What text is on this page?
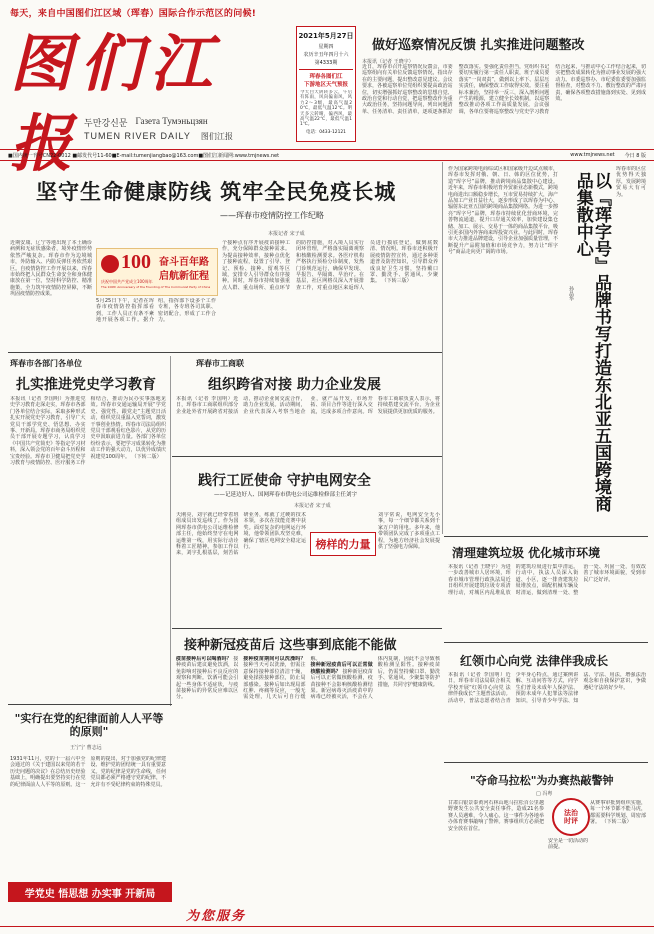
每天，来自中国图们江区域（珲春）国际合作示范区的问候!
图们江报 두만강신문 Газета Тумэньцзян
TUMEN RIVER DAILY 图们江报
2021年5月27日
星期四
农历辛丑年四月十六
第4333期
珲春各图们江
下游地区天气预报
今天白天阴转多云，午后有阵雨，风向偏南风，风力2～3级，最高气温20℃，最低气温12℃。明天多云转晴，偏西风，最高气温22℃，最低气温11℃。
电话：0433-12121
做好巡察情况反馈 扎实推进问题整改
本报讯（记者 王晓宇）
近日，珲春市召开巡察情况反馈会，市委巡察组向有关单位反馈巡察情况，指出存在的主要问题，提出整改意见建议。会议要求，各被巡察单位党组织要提高政治站位，切实增强抓好巡察整改的思想自觉、政治自觉和行动自觉，把巡察整改作为重大政治任务，坚持问题导向，列出问题清单、任务清单、责任清单，逐项逐条抓好整改落实。要强化责任担当，党组织书记要切实履行第一责任人职责，班子成员要落实“一岗双责”，做到以上率下、层层压实责任，确保整改工作取得实效。要注重标本兼治，坚持举一反三，深入剖析问题产生的根源，建立健全长效机制，以巡察整改推动各项工作高质量发展。会议强调，各单位要将巡察整改与党史学习教育结合起来，与推动中心工作结合起来，切实把整改成果转化为推动事业发展的强大动力。市委巡察办、市纪委监委要加强监督检查，对整改不力、敷衍整改的严肃问责，确保各项整改措施落到实处、见到成效。
■国内统一刊号CN22-0012 ■邮发代号11-60■E-mail:tumenjiangbao@163.com■图们江新闻网:www.tmjnews.net	www.tmjnews.net 今日 8 版
坚守生命健康防线 筑牢全民免疫长城
——珲春市疫情防控工作纪略
本报记者 宋子成
100 奋斗百年路
启航新征程
庆祝中国共产党成立100周年
The 100th Anniversary of the Founding of The Communist Party of China
近期安康、辽宁等地出现了本土确诊病例和无症状感染者，境外疫情形势依然严峻复杂。珲春市作为边境城市，外防输入、内防反弹任务依然艰巨。自疫情防控工作开展以来，珲春市始终把人民群众生命安全和身体健康放在第一位，坚持科学防控、精准施策，全力筑牢疫情防控屏障，不断巩固疫情防控成果。
5月25日下午，记者在珲春市疫情防控指挥部看到，工作人员正有条不紊地开展各项工作。据介绍，指挥部下设多个工作专班，各专班各司其职、密切配合，形成了工作合力。
个接种点有序开展疫苗接种工作，充分保障群众接种需求。为提高接种效率，接种点优化了接种流程，设置了引导、登记、预检、接种、留观等区域，安排专人引导群众有序接种。同时，珲春市持续加强重点人群、重点场所、重点环节的防控措施，对入境人员实行闭环管理，严格落实隔离观察和核酸检测要求。各医疗机构严格执行预检分诊制度，发热门诊规范运行，确保早发现、早报告、早隔离、早治疗。在基层，社区网格员深入开展排查工作，对重点地区来返珲人员进行摸底登记，做到底数清、情况明。珲春市还积极开展疫情防控宣传，通过多种渠道普及防控知识，引导群众养成良好卫生习惯，坚持戴口罩、勤洗手、常通风、少聚集。 （下转三版）
作为国家跨境电商综试区和国家级开边试点城市，珲春市发挥对俄、朝、日、韩的区位优势，打造“珲字号”品牌，推动跨境商品集散中心建设。近年来，珲春市积极培育外贸新业态新模式，跨境电商进出口额稳步增长，互市贸易持续扩大，海产品加工产业日益壮大，逐步形成了以珲春为中心、辐射东北亚五国的跨境商品集散网络。为进一步擦亮“珲字号”品牌，珲春市持续优化营商环境，完善物流通道，提升口岸通关效率，加快建设集仓储、加工、展示、交易于一体的商品集散平台，吸引更多国内外客商来珲投资兴业。与此同时，珲春市大力推进品牌建设，引导企业加强质量管理，不断提升产品附加值和市场竞争力，努力让“珲字号”商品走向更广阔的市场。	以『珲字号』品牌书写打造东北亚五国跨境商品集散中心
孙晶华
珲春市的区位优势得天独厚，发展跨境贸易大有可为。
珲春市各部门各单位
扎实推进党史学习教育
本报讯（记者 李国明）为推进党史学习教育走深走实，珲春市各部门各单位结合实际，采取多种形式扎实开展党史学习教育，引导广大党员干部学党史、悟思想、办实事、开新局。珲春市商务局组织党员干部开展专题学习，认真学习《中国共产党简史》等指定学习材料，深入领会党的百年奋斗历程和宝贵经验。珲春市卫健局把党史学习教育与疫情防控、医疗服务工作相结合，推动为民办实事落地见效。珲春市交通运输局开展“学党史、强党性、跟党走”主题党日活动，组织党员重温入党誓词，激发干事创业热情。珲春市司法局组织党员干部观看红色影片，从党的历史中汲取前进力量。各部门各单位纷纷表示，要把学习成果转化为推动工作的强大动力，以优异成绩庆祝建党100周年。 （下转二版）
珲春市工商联
组织跨省对接 助力企业发展
本报讯（记者 李国明）近日，珲春市工商联组织部分企业赴外省开展跨省对接活动，推动企业间交流合作，助力企业发展。活动期间，企业代表深入考察当地企业，就产品开发、市场开拓、项目合作等进行深入交流，达成多项合作意向。珲春市工商联负责人表示，将持续搭建交流平台，为企业发展提供更加优质的服务。
践行工匠使命 守护电网安全
——记延边好人、国网珲春市供电公司运维检修部主任刘宇
本报记者 宋子成
天刚亮，刘宇就已经带着班组成员出发巡线了。作为国网珲春市供电公司运维检修部主任，他始终坚守在电网运维第一线，用实际行动诠释着工匠精神。参加工作以来，刘宇扎根基层，刻苦钻研业务，练就了过硬的技术本领，多次在技能竞赛中获奖。面对复杂的电网运行环境，他带领团队攻坚克难，确保了辖区电网安全稳定运行。	榜样的力量
刘宇常说，电网安全无小事，每一个细节都关系到千家万户的用电。多年来，他带领团队完成了多项重点工程，为地方经济社会发展提供了坚强电力保障。
接种新冠疫苗后 这些事到底能不能做
疫苗接种后可以喝酒吗？ 接种疫苗后建议避免饮酒，以免影响对接种后不良反应的观察和判断。饮酒可能会引起一些身体不适症状，与疫苗接种后的异常反应难以区分。
接种疫苗期间可以洗澡吗？ 接种当天可以洗澡，但需注意保持接种部位清洁干燥，避免揉搓接种部位，防止局部感染。接种后如出现局部红肿、疼痛等反应，一般无需处理，几天后可自行缓解。
接种新冠疫苗后可以正常做核酸检测吗？ 接种新冠疫苗后可以正常做核酸检测，疫苗接种不会影响核酸检测结果。新冠病毒灭活疫苗中的病毒已经被灭活，不会在人体内复制，因此不会导致核酸检测呈阳性。接种疫苗后，仍需坚持戴口罩、勤洗手、常通风、少聚集等防护措施，共同守护健康防线。
"实行在党的纪律面前人人平等的原则"
王宁宁 曹志远
1931年11月，党的十一届六中全会通过的《关于建国以来党的若干历史问题的决议》在总结历史经验基础上，明确提出要坚持实行在党的纪律面前人人平等的原则。这一原则的提出，对于加强党的纪律建设、维护党的团结统一具有重要意义。党的纪律是党的生命线，任何党员都必须严格遵守党的纪律，不允许有不受纪律约束的特殊党员。
学党史 悟思想 办实事 开新局
为您服务
清理建筑垃圾 优化城市环境
本报讯（记者 王晓宇）为进一步改善城市人居环境，珲春市城市管理行政执法局近日组织开展建筑垃圾专项清理行动，对城区内乱堆乱放的建筑垃圾进行集中清运。行动中，执法人员深入街道、小区，逐一排查建筑垃圾堆放点，调配机械车辆及时清运，做到清理一处、整治一处、巩固一处，有效改善了城市环境面貌，受到市民广泛好评。
红领巾心向党 法律伴我成长
本报讯（记者 李国明）近日，珲春市司法局联合相关学校开展“红领巾心向党 法律伴我成长”主题普法活动。活动中，普法志愿者结合青少年身心特点，通过案例讲解、互动问答等方式，向学生们普及未成年人保护法、预防未成年人犯罪法等法律知识，引导青少年学法、知法、守法、用法，增强法治观念和自我保护意识，争做遵纪守法的好少年。
"夺命马拉松"为办赛热敲警钟
□ 冯粤
甘肃白银景泰黄河石林山地马拉松百公里越野赛发生公共安全责任事件，造成21名参赛人员遇难，令人痛心。这一事件为各地举办体育赛事敲响了警钟。赛事组织方必须把安全放在首位。
法治
时评
从赛事审批到组织实施，每一个环节都不能马虎，都需要科学规划、周密部署。 （下转二版）
安全是一切活动的前提。
